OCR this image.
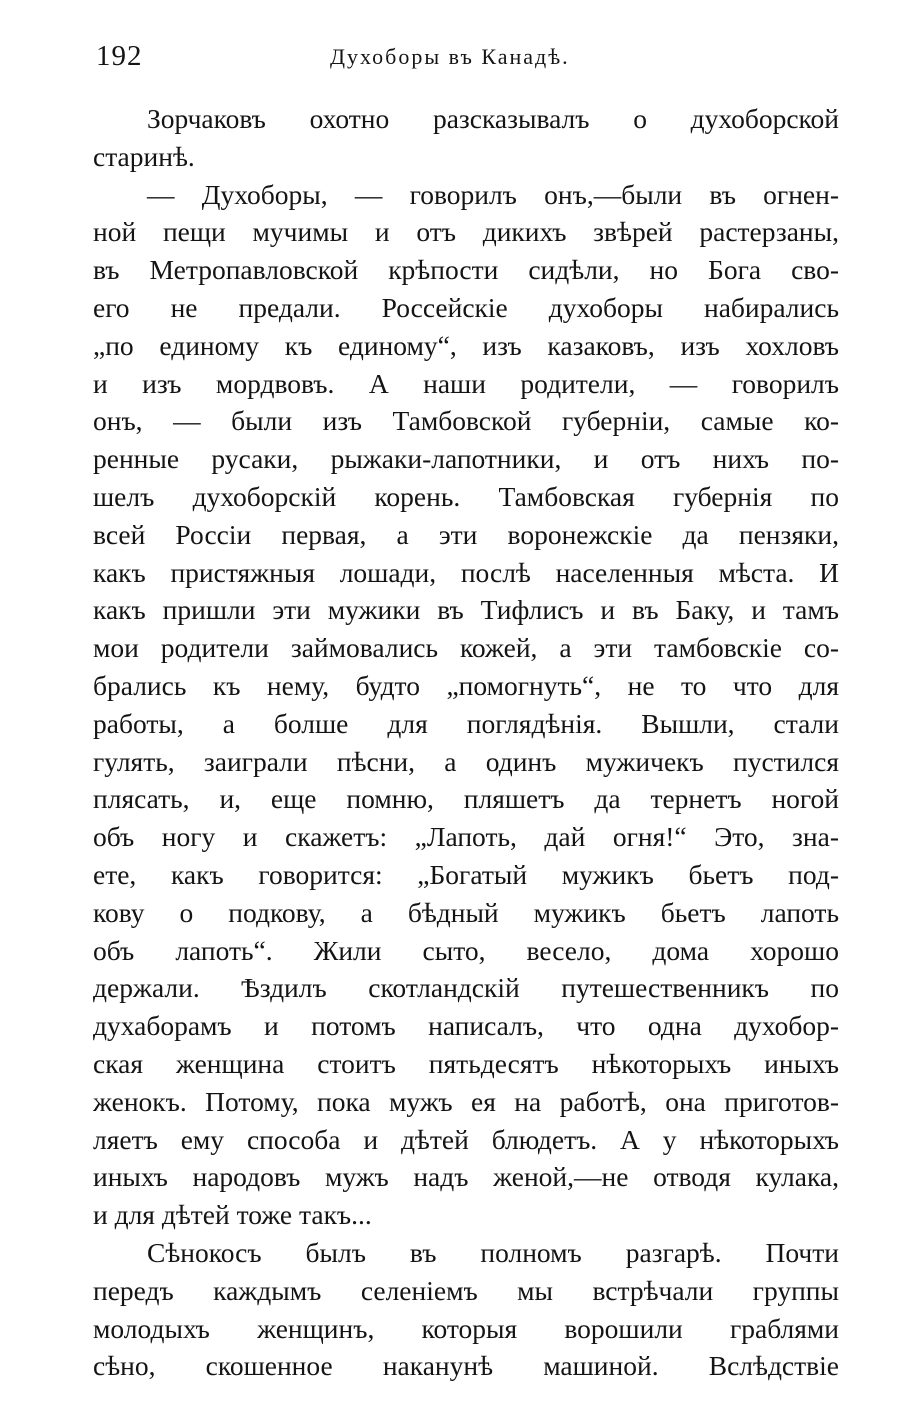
192	Духоборы въ Канадѣ.
Зорчаковъ охотно разсказывалъ о духоборской
старинѣ.
— Духоборы, — говорилъ онъ,—были въ огнен-
ной пещи мучимы и отъ дикихъ звѣрей растерзаны,
въ Метропавловской крѣпости сидѣли, но Бога сво-
его не предали. Россейскіе духоборы набирались
„по единому къ единому“, изъ казаковъ, изъ хохловъ
и изъ мордвовъ. А наши родители, — говорилъ
онъ, — были изъ Тамбовской губерніи, самые ко-
ренные русаки, рыжаки-лапотники, и отъ нихъ по-
шелъ духоборскій корень. Тамбовская губернія по
всей Россіи первая, а эти воронежскіе да пензяки,
какъ пристяжныя лошади, послѣ населенныя мѣста. И
какъ пришли эти мужики въ Тифлисъ и въ Баку, и тамъ
мои родители займовались кожей, а эти тамбовскіе со-
брались къ нему, будто „помогнуть“, не то что для
работы, а болше для поглядѣнія. Вышли, стали
гулять, заиграли пѣсни, а одинъ мужичекъ пустился
плясать, и, еще помню, пляшетъ да тернетъ ногой
объ ногу и скажетъ: „Лапоть, дай огня!“ Это, зна-
ете, какъ говорится: „Богатый мужикъ бьетъ под-
кову о подкову, а бѣдный мужикъ бьетъ лапоть
объ лапоть“. Жили сыто, весело, дома хорошо
держали. Ѣздилъ скотландскій путешественникъ по
духаборамъ и потомъ написалъ, что одна духобор-
ская женщина стоитъ пятьдесятъ нѣкоторыхъ иныхъ
женокъ. Потому, пока мужъ ея на работѣ, она приготов-
ляетъ ему способа и дѣтей блюдетъ. А у нѣкоторыхъ
иныхъ народовъ мужъ надъ женой,—не отводя кулака,
и для дѣтей тоже такъ...
Сѣнокосъ былъ въ полномъ разгарѣ. Почти
передъ каждымъ селеніемъ мы встрѣчали группы
молодыхъ женщинъ, которыя ворошили граблями
сѣно, скошенное наканунѣ машиной. Вслѣдствіе
